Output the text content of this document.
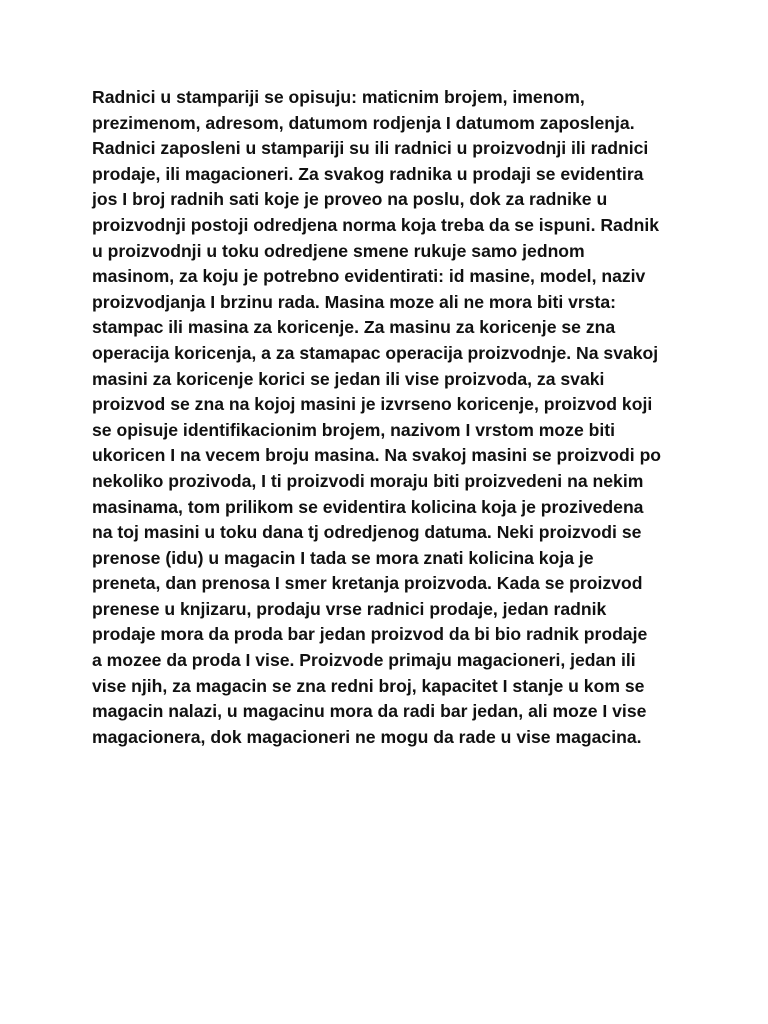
Radnici u stampariji se opisuju: maticnim brojem, imenom,
prezimenom, adresom, datumom rodjenja I datumom zaposlenja.
Radnici zaposleni u stampariji su ili radnici u proizvodnji ili radnici
prodaje, ili magacioneri. Za svakog radnika u prodaji se evidentira
jos I broj radnih sati koje je proveo na poslu, dok za radnike u
proizvodnji postoji odredjena norma koja treba da se ispuni. Radnik
u proizvodnji u toku odredjene smene rukuje samo jednom
masinom, za koju je potrebno evidentirati: id masine, model, naziv
proizvodjanja I brzinu rada. Masina moze ali ne mora biti vrsta:
stampac ili masina za koricenje. Za masinu za koricenje se zna
operacija koricenja, a za stamapac operacija proizvodnje. Na svakoj
masini za koricenje korici se jedan ili vise proizvoda, za svaki
proizvod se zna na kojoj masini je izvrseno koricenje, proizvod koji
se opisuje identifikacionim brojem, nazivom I vrstom moze biti
ukoricen I na vecem broju masina. Na svakoj masini se proizvodi po
nekoliko prozivoda, I ti proizvodi moraju biti proizvedeni na nekim
masinama, tom prilikom se evidentira kolicina koja je prozivedena
na toj masini u toku dana tj odredjenog datuma. Neki proizvodi se
prenose (idu) u magacin I tada se mora znati kolicina koja je
preneta, dan prenosa I smer kretanja proizvoda. Kada se proizvod
prenese u knjizaru, prodaju vrse radnici prodaje, jedan radnik
prodaje mora da proda bar jedan proizvod da bi bio radnik prodaje
a mozee da proda I vise. Proizvode primaju magacioneri, jedan ili
vise njih, za magacin se zna redni broj, kapacitet I stanje u kom se
magacin nalazi, u magacinu mora da radi bar jedan, ali moze I vise
magacionera, dok magacioneri ne mogu da rade u vise magacina.
